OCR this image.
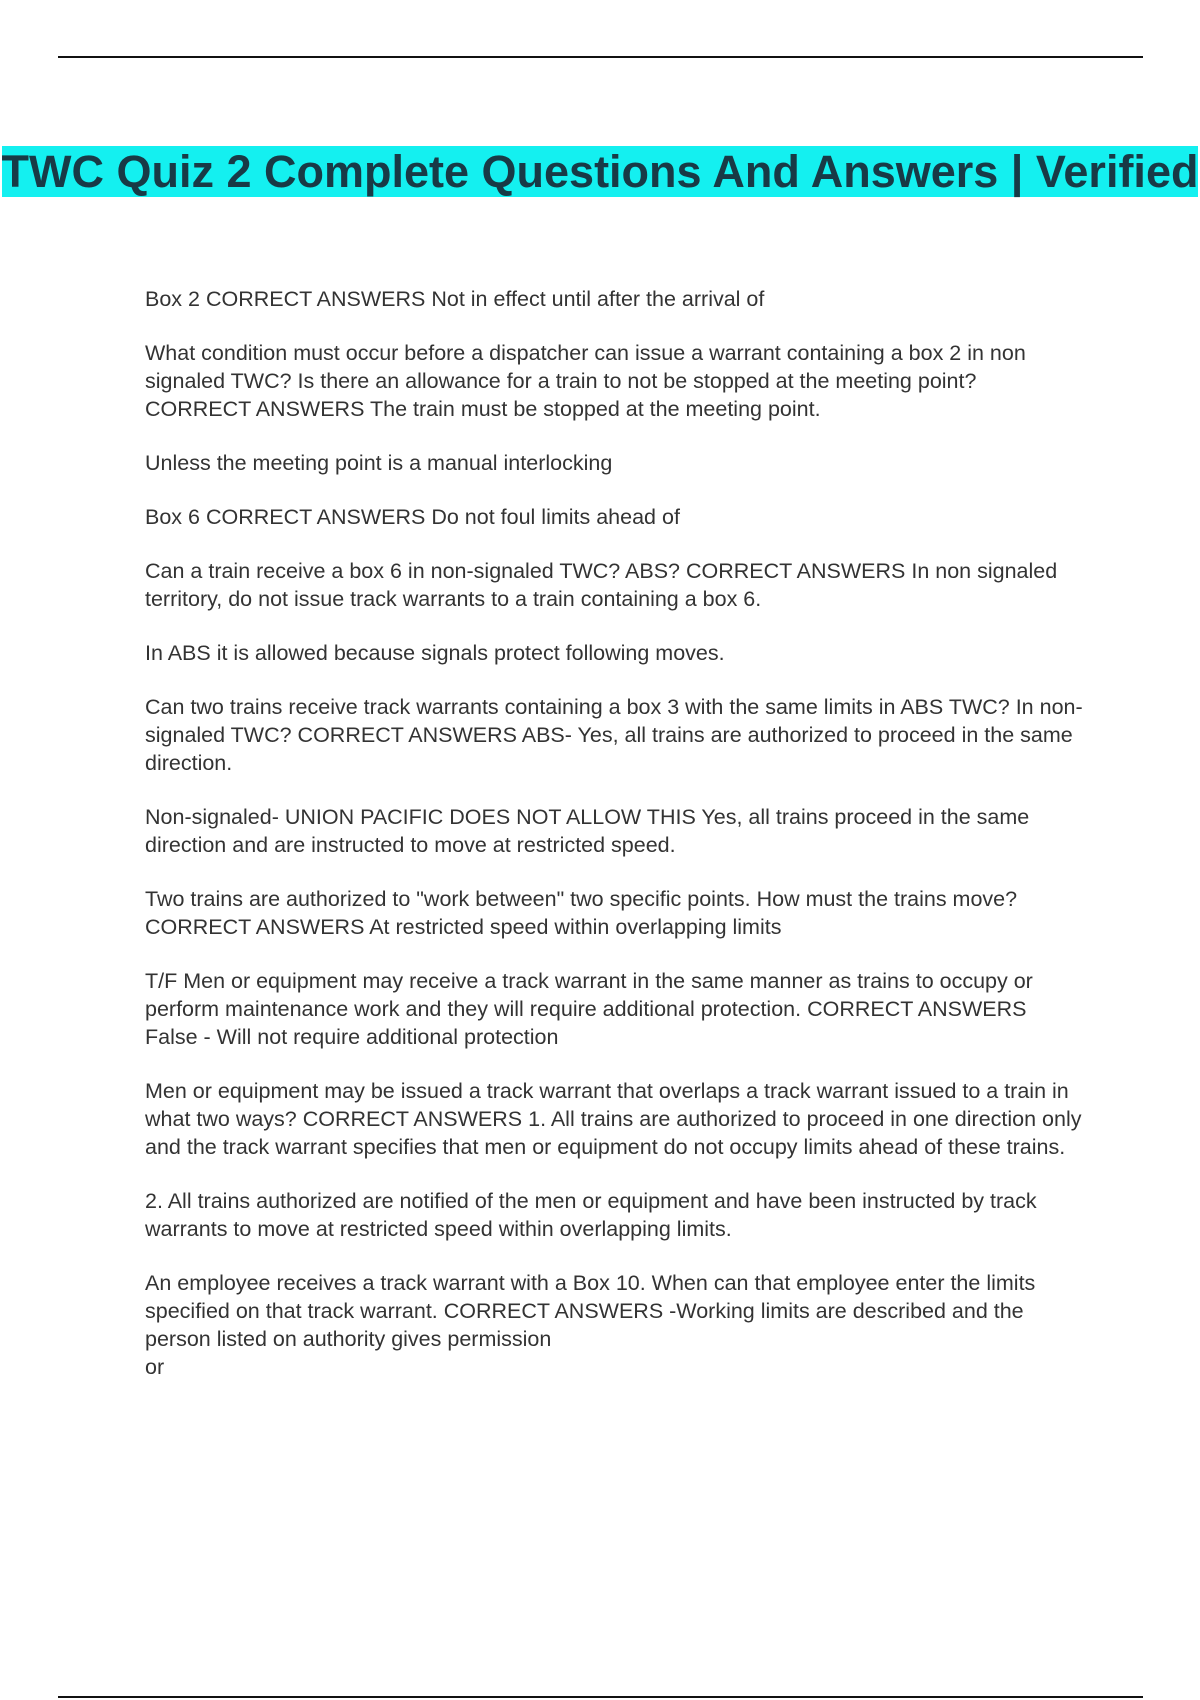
TWC Quiz 2 Complete Questions And Answers | Verified

Box 2 CORRECT ANSWERS Not in effect until after the arrival of

What condition must occur before a dispatcher can issue a warrant containing a box 2 in non signaled TWC? Is there an allowance for a train to not be stopped at the meeting point? CORRECT ANSWERS The train must be stopped at the meeting point.

Unless the meeting point is a manual interlocking

Box 6 CORRECT ANSWERS Do not foul limits ahead of

Can a train receive a box 6 in non-signaled TWC? ABS? CORRECT ANSWERS In non signaled territory, do not issue track warrants to a train containing a box 6.

In ABS it is allowed because signals protect following moves.

Can two trains receive track warrants containing a box 3 with the same limits in ABS TWC? In non-signaled TWC? CORRECT ANSWERS ABS- Yes, all trains are authorized to proceed in the same direction.

Non-signaled- UNION PACIFIC DOES NOT ALLOW THIS Yes, all trains proceed in the same direction and are instructed to move at restricted speed.

Two trains are authorized to "work between" two specific points. How must the trains move? CORRECT ANSWERS At restricted speed within overlapping limits

T/F Men or equipment may receive a track warrant in the same manner as trains to occupy or perform maintenance work and they will require additional protection. CORRECT ANSWERS False - Will not require additional protection

Men or equipment may be issued a track warrant that overlaps a track warrant issued to a train in what two ways? CORRECT ANSWERS 1. All trains are authorized to proceed in one direction only and the track warrant specifies that men or equipment do not occupy limits ahead of these trains.

2. All trains authorized are notified of the men or equipment and have been instructed by track warrants to move at restricted speed within overlapping limits.

An employee receives a track warrant with a Box 10. When can that employee enter the limits specified on that track warrant. CORRECT ANSWERS -Working limits are described and the person listed on authority gives permission
or
